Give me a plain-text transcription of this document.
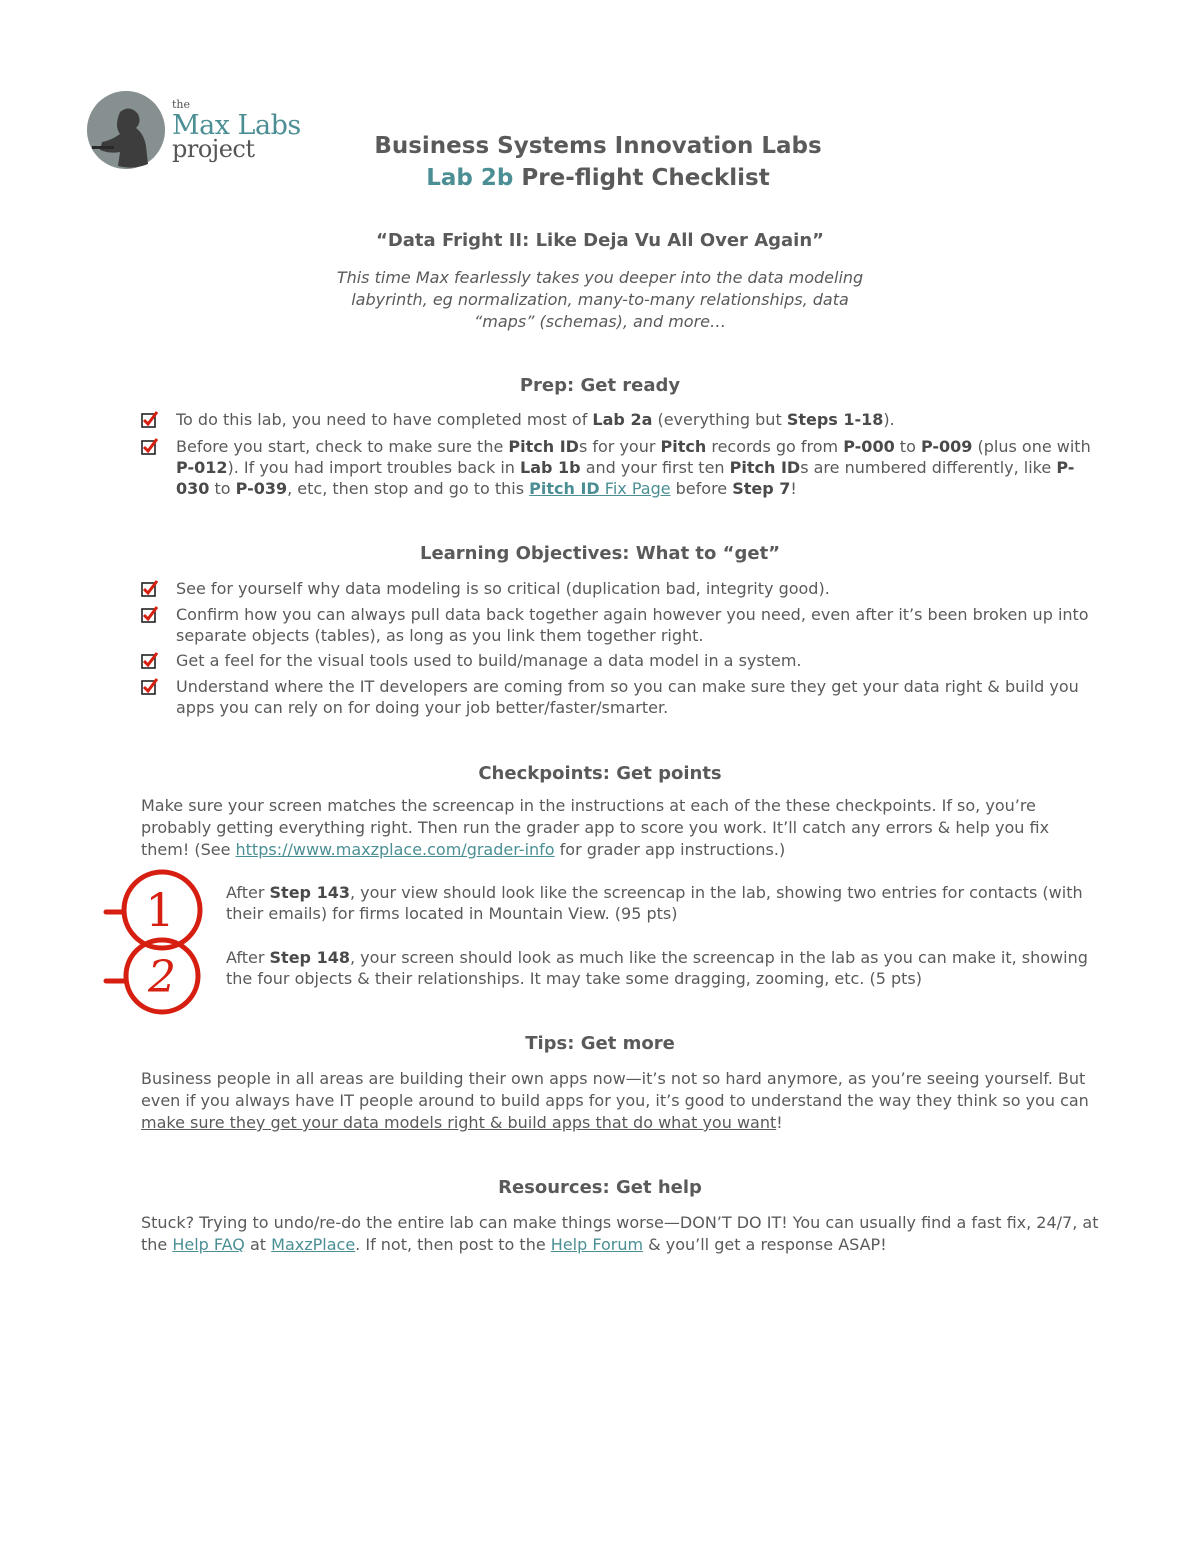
the
Max Labs
project	Business Systems Innovation Labs
Lab 2b Pre-flight Checklist
“Data Fright II: Like Deja Vu All Over Again”
This time Max fearlessly takes you deeper into the data modeling labyrinth, eg normalization, many-to-many relationships, data “maps” (schemas), and more…
Prep: Get ready
To do this lab, you need to have completed most of Lab 2a (everything but Steps 1-18).
Before you start, check to make sure the Pitch IDs for your Pitch records go from P-000 to P-009 (plus one with P-012). If you had import troubles back in Lab 1b and your first ten Pitch IDs are numbered differently, like P-030 to P-039, etc, then stop and go to this Pitch ID Fix Page before Step 7!
Learning Objectives: What to “get”
See for yourself why data modeling is so critical (duplication bad, integrity good).
Confirm how you can always pull data back together again however you need, even after it’s been broken up into separate objects (tables), as long as you link them together right.
Get a feel for the visual tools used to build/manage a data model in a system.
Understand where the IT developers are coming from so you can make sure they get your data right & build you apps you can rely on for doing your job better/faster/smarter.
Checkpoints: Get points
Make sure your screen matches the screencap in the instructions at each of the these checkpoints. If so, you’re probably getting everything right. Then run the grader app to score you work. It’ll catch any errors & help you fix them! (See https://www.maxzplace.com/grader-info for grader app instructions.)
1
2
After Step 143, your view should look like the screencap in the lab, showing two entries for contacts (with their emails) for firms located in Mountain View. (95 pts)
After Step 148, your screen should look as much like the screencap in the lab as you can make it, showing the four objects & their relationships. It may take some dragging, zooming, etc. (5 pts)
Tips: Get more
Business people in all areas are building their own apps now—it’s not so hard anymore, as you’re seeing yourself. But even if you always have IT people around to build apps for you, it’s good to understand the way they think so you can make sure they get your data models right & build apps that do what you want!
Resources: Get help
Stuck? Trying to undo/re-do the entire lab can make things worse—DON’T DO IT! You can usually find a fast fix, 24/7, at the Help FAQ at MaxzPlace. If not, then post to the Help Forum & you’ll get a response ASAP!
